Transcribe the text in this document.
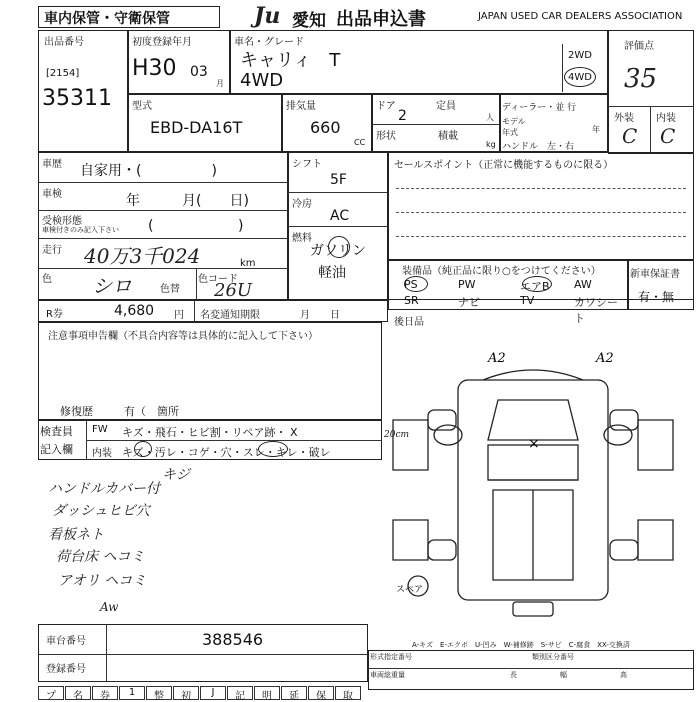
車内保管・守衛保管	Ju 愛知 出品申込書	JAPAN USED CAR DEALERS ASSOCIATION
出品番号
[2154]
35311
初度登録年月
H30 03
月
車名・グレード
キャリィ　T
4WD
2WD
4WD
評価点
35
外装 内装
C C
型式
EBD-DA16T
排気量
660
CC
ドア
2
定員
人
形状	積載
kg
ディーラー・並 行
モデル年式	年
ハンドル　左・右
車歴 自家用・(　　　　　)
車検	年　　　月(　　日)
受検形態
車検付きのみ記入下さい (                   )
走行 40万3千024	km
色 シロ	色替
色コード
26U
シフト
5F
冷房
AC
燃料
ガソリン
軽油
セールスポイント（正常に機能するものに限る）
装備品（純正品に限り○をつけてください）
PS	PW	エアB	AW
SR	ナビ	TV	カワシート
新車保証書
有・無
R券	4,680 円 名変通知期限	月　　日
注意事項申告欄（不具合内容等は具体的に記入して下さい）
修復歴	有（　箇所
後日品
検査員
記入欄
FW キズ・飛石・ヒビ割・リペア跡・ X	20cm
内装 キズ・汚レ・コゲ・穴・スレ・キレ・破レ
キジ
ハンドルカバー付
ダッシュヒビ穴
看板ネト
荷台床 ヘコミ
アオリ ヘコミ
Aw
A2	A2
×
スペア
A-キズ　E-エクボ　U-凹み　W-補修跡　S-サビ　C-腐食　XX-交換済
車台番号	388546
登録番号
形式指定番号	類別区分番号
車両総重量	長	幅	高
プ	名	券	1	整	初	J	記	明	延	保	取
